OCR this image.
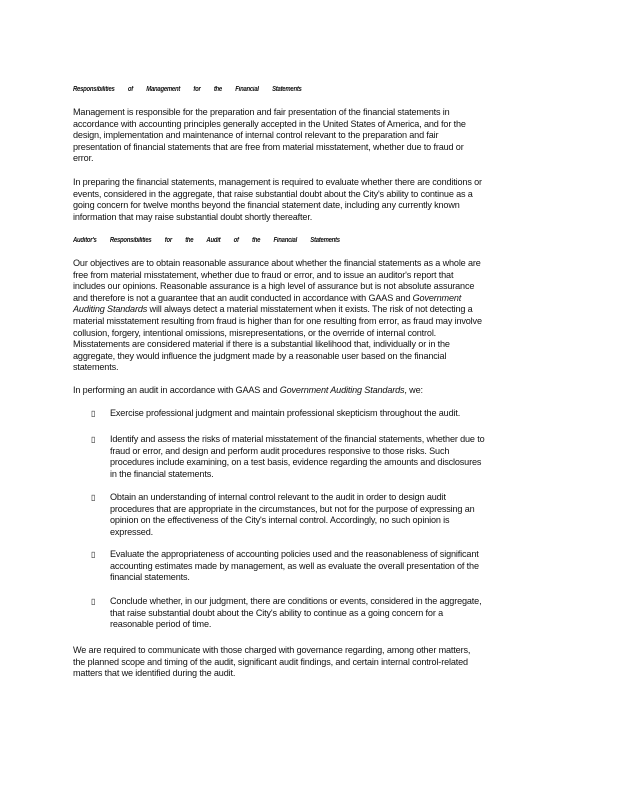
Responsibilities of Management for the Financial Statements
Management is responsible for the preparation and fair presentation of the financial statements in
accordance with accounting principles generally accepted in the United States of America, and for the
design, implementation and maintenance of internal control relevant to the preparation and fair
presentation of financial statements that are free from material misstatement, whether due to fraud or
error.
In preparing the financial statements, management is required to evaluate whether there are conditions or
events, considered in the aggregate, that raise substantial doubt about the City's ability to continue as a
going concern for twelve months beyond the financial statement date, including any currently known
information that may raise substantial doubt shortly thereafter.
Auditor's Responsibilities for the Audit of the Financial Statements
Our objectives are to obtain reasonable assurance about whether the financial statements as a whole are
free from material misstatement, whether due to fraud or error, and to issue an auditor's report that
includes our opinions. Reasonable assurance is a high level of assurance but is not absolute assurance
and therefore is not a guarantee that an audit conducted in accordance with GAAS and Government
Auditing Standards will always detect a material misstatement when it exists. The risk of not detecting a
material misstatement resulting from fraud is higher than for one resulting from error, as fraud may involve
collusion, forgery, intentional omissions, misrepresentations, or the override of internal control.
Misstatements are considered material if there is a substantial likelihood that, individually or in the
aggregate, they would influence the judgment made by a reasonable user based on the financial
statements.
In performing an audit in accordance with GAAS and Government Auditing Standards, we:
▯ Exercise professional judgment and maintain professional skepticism throughout the audit.
▯ Identify and assess the risks of material misstatement of the financial statements, whether due to
fraud or error, and design and perform audit procedures responsive to those risks. Such
procedures include examining, on a test basis, evidence regarding the amounts and disclosures
in the financial statements.
▯ Obtain an understanding of internal control relevant to the audit in order to design audit
procedures that are appropriate in the circumstances, but not for the purpose of expressing an
opinion on the effectiveness of the City's internal control. Accordingly, no such opinion is
expressed.
▯ Evaluate the appropriateness of accounting policies used and the reasonableness of significant
accounting estimates made by management, as well as evaluate the overall presentation of the
financial statements.
▯ Conclude whether, in our judgment, there are conditions or events, considered in the aggregate,
that raise substantial doubt about the City's ability to continue as a going concern for a
reasonable period of time.
We are required to communicate with those charged with governance regarding, among other matters,
the planned scope and timing of the audit, significant audit findings, and certain internal control-related
matters that we identified during the audit.
